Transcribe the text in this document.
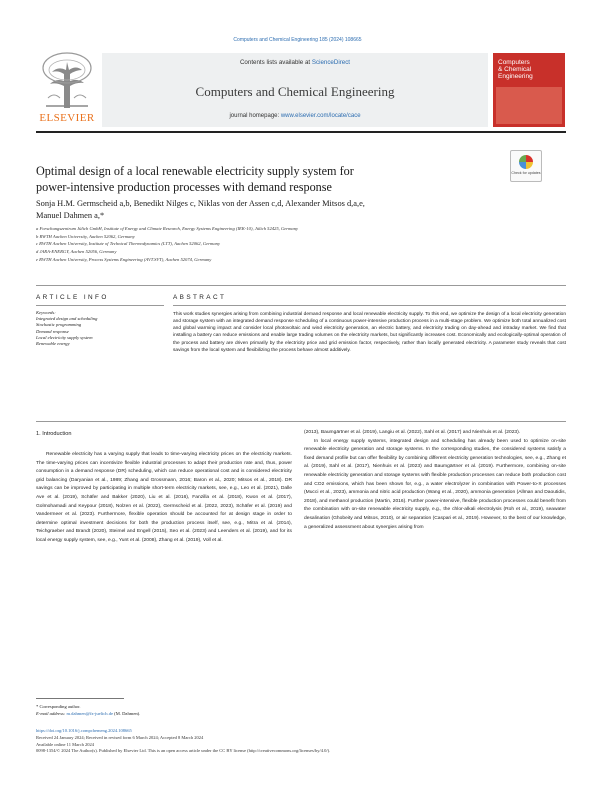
Computers and Chemical Engineering 185 (2024) 108665
ELSEVIER
Contents lists available at ScienceDirect
Computers and Chemical Engineering
journal homepage: www.elsevier.com/locate/cace
Computers
& Chemical
Engineering
Optimal design of a local renewable electricity supply system for
power-intensive production processes with demand response
Check for updates
Sonja H.M. Germscheid a,b, Benedikt Nilges c, Niklas von der Assen c,d, Alexander Mitsos d,a,e,
Manuel Dahmen a,*
a Forschungszentrum Jülich GmbH, Institute of Energy and Climate Research, Energy Systems Engineering (IEK-10), Jülich 52425, Germany
b RWTH Aachen University, Aachen 52062, Germany
c RWTH Aachen University, Institute of Technical Thermodynamics (LTT), Aachen 52062, Germany
d JARA-ENERGY, Aachen 52056, Germany
e RWTH Aachen University, Process Systems Engineering (AVT.SVT), Aachen 52074, Germany
ARTICLE INFO	ABSTRACT
Keywords:
Integrated design and scheduling
Stochastic programming
Demand response
Local electricity supply system
Renewable energy
This work studies synergies arising from combining industrial demand response and local renewable electricity supply. To this end, we optimize the design of a local electricity generation and storage system with an integrated demand response scheduling of a continuous power-intensive production process in a multi-stage problem. We optimize both total annualized cost and global warming impact and consider local photovoltaic and wind electricity generation, an electric battery, and electricity trading on day-ahead and intraday market. We find that installing a battery can reduce emissions and enable large trading volumes on the electricity markets, but significantly increases cost. Economically and ecologically-optimal operation of the process and battery are driven primarily by the electricity price and grid emission factor, respectively, rather than locally generated electricity. A parameter study reveals that cost savings from the local system and flexibilizing the process behave almost additively.
1. Introduction

Renewable electricity has a varying supply that leads to time-varying electricity prices on the electricity markets. The time-varying prices can incentivize flexible industrial processes to adapt their production rate and, thus, power consumption in a demand response (DR) scheduling, which can reduce operational cost and is considered electricity grid balancing (Daryanian et al., 1989; Zhang and Grossmann, 2016; Baron et al., 2020; Mitsos et al., 2018). DR savings can be improved by participating in multiple short-term electricity markets, see, e.g., Leo et al. (2021), Dalle Ave et al. (2019), Schäfer and Bakker (2020), Liu et al. (2016), Fanzilla et al. (2018), Kwon et al. (2017), Golmohamadi and Keypour (2018), Nolzen et al. (2022), Germscheid et al. (2022, 2023), Schäfer et al. (2019) and Vandermeer et al. (2023). Furthermore, flexible operation should be accounted for at design stage in order to determine optimal investment decisions for both the production process itself, see, e.g., Mitra et al. (2014), Teichgraeber and Brandt (2020), Steimel and Engell (2015), Seo et al. (2023) and Leenders et al. (2019), and for its local energy supply system, see, e.g., Yunt et al. (2008), Zhang et al. (2019), Voll et al.

(2013), Baumgärtner et al. (2019), Langiu et al. (2022), Sahl et al. (2017) and Nienhuis et al. (2023).

In local energy supply systems, integrated design and scheduling has already been used to optimize on-site renewable electricity generation and storage systems. In the corresponding studies, the considered systems satisfy a fixed demand profile but can offer flexibility by combining different electricity generation technologies, see, e.g., Zhang et al. (2019), Sahl et al. (2017), Nienhuis et al. (2023) and Baumgärtner et al. (2019). Furthermore, combining on-site renewable electricity generation and storage systems with flexible production processes can reduce both production cost and CO2 emissions, which has been shown for, e.g., a water electrolyzer in combination with Power-to-X processes (Mucci et al., 2023), ammonia and nitric acid production (Wang et al., 2020), ammonia generation (Allman and Daoutidis, 2018), and methanol production (Martin, 2016). Further power-intensive, flexible production processes could benefit from the combination with on-site renewable electricity supply, e.g., the chlor-alkali electrolysis (Roh et al., 2019), seawater desalination (Ghobeity and Mitsos, 2010), or air separation (Caspari et al., 2019). However, to the best of our knowledge, a generalized assessment about synergies arising from

* Corresponding author.
E-mail address: m.dahmen@fz-juelich.de (M. Dahmen).
https://doi.org/10.1016/j.compchemeng.2024.108665
Received 24 January 2024; Received in revised form 6 March 2024; Accepted 8 March 2024
Available online 11 March 2024
0098-1354/© 2024 The Author(s). Published by Elsevier Ltd. This is an open access article under the CC BY license (http://creativecommons.org/licenses/by/4.0/).
